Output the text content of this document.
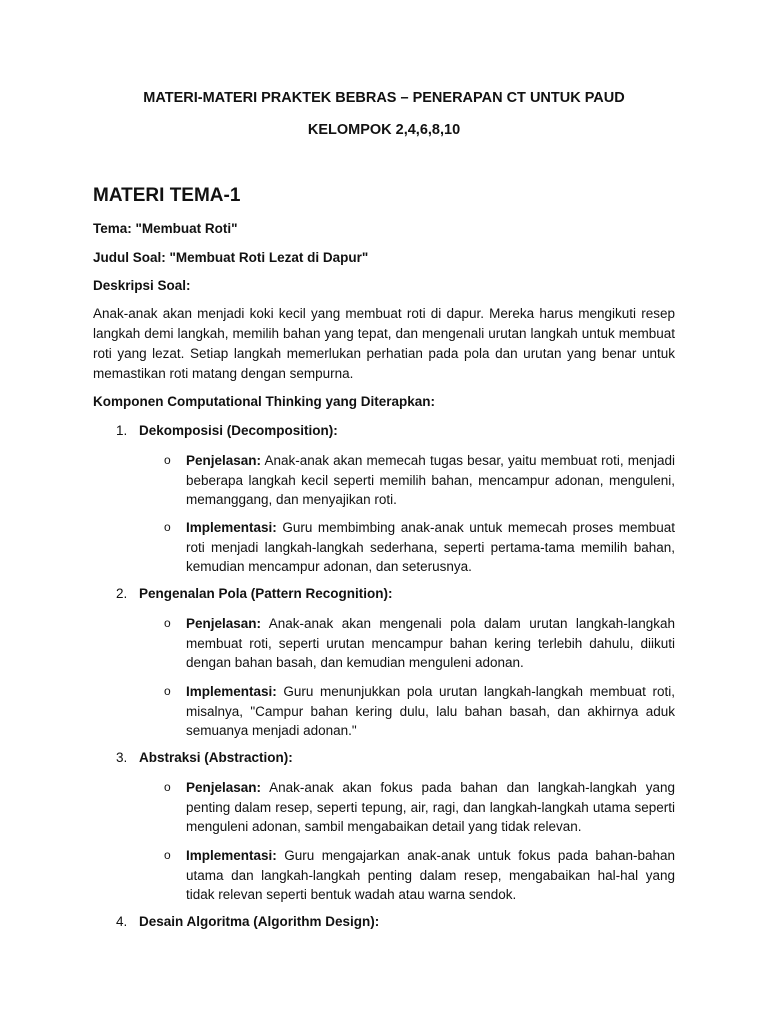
MATERI-MATERI PRAKTEK BEBRAS – PENERAPAN CT UNTUK PAUD
KELOMPOK 2,4,6,8,10
MATERI TEMA-1
Tema: "Membuat Roti"
Judul Soal: "Membuat Roti Lezat di Dapur"
Deskripsi Soal:

Anak-anak akan menjadi koki kecil yang membuat roti di dapur. Mereka harus mengikuti resep langkah demi langkah, memilih bahan yang tepat, dan mengenali urutan langkah untuk membuat roti yang lezat. Setiap langkah memerlukan perhatian pada pola dan urutan yang benar untuk memastikan roti matang dengan sempurna.

Komponen Computational Thinking yang Diterapkan:
1. Dekomposisi (Decomposition):

o Penjelasan: Anak-anak akan memecah tugas besar, yaitu membuat roti, menjadi beberapa langkah kecil seperti memilih bahan, mencampur adonan, menguleni, memanggang, dan menyajikan roti.

o Implementasi: Guru membimbing anak-anak untuk memecah proses membuat roti menjadi langkah-langkah sederhana, seperti pertama-tama memilih bahan, kemudian mencampur adonan, dan seterusnya.

2. Pengenalan Pola (Pattern Recognition):

o Penjelasan: Anak-anak akan mengenali pola dalam urutan langkah-langkah membuat roti, seperti urutan mencampur bahan kering terlebih dahulu, diikuti dengan bahan basah, dan kemudian menguleni adonan.

o Implementasi: Guru menunjukkan pola urutan langkah-langkah membuat roti, misalnya, "Campur bahan kering dulu, lalu bahan basah, dan akhirnya aduk semuanya menjadi adonan."

3. Abstraksi (Abstraction):

o Penjelasan: Anak-anak akan fokus pada bahan dan langkah-langkah yang penting dalam resep, seperti tepung, air, ragi, dan langkah-langkah utama seperti menguleni adonan, sambil mengabaikan detail yang tidak relevan.

o Implementasi: Guru mengajarkan anak-anak untuk fokus pada bahan-bahan utama dan langkah-langkah penting dalam resep, mengabaikan hal-hal yang tidak relevan seperti bentuk wadah atau warna sendok.

4. Desain Algoritma (Algorithm Design):
